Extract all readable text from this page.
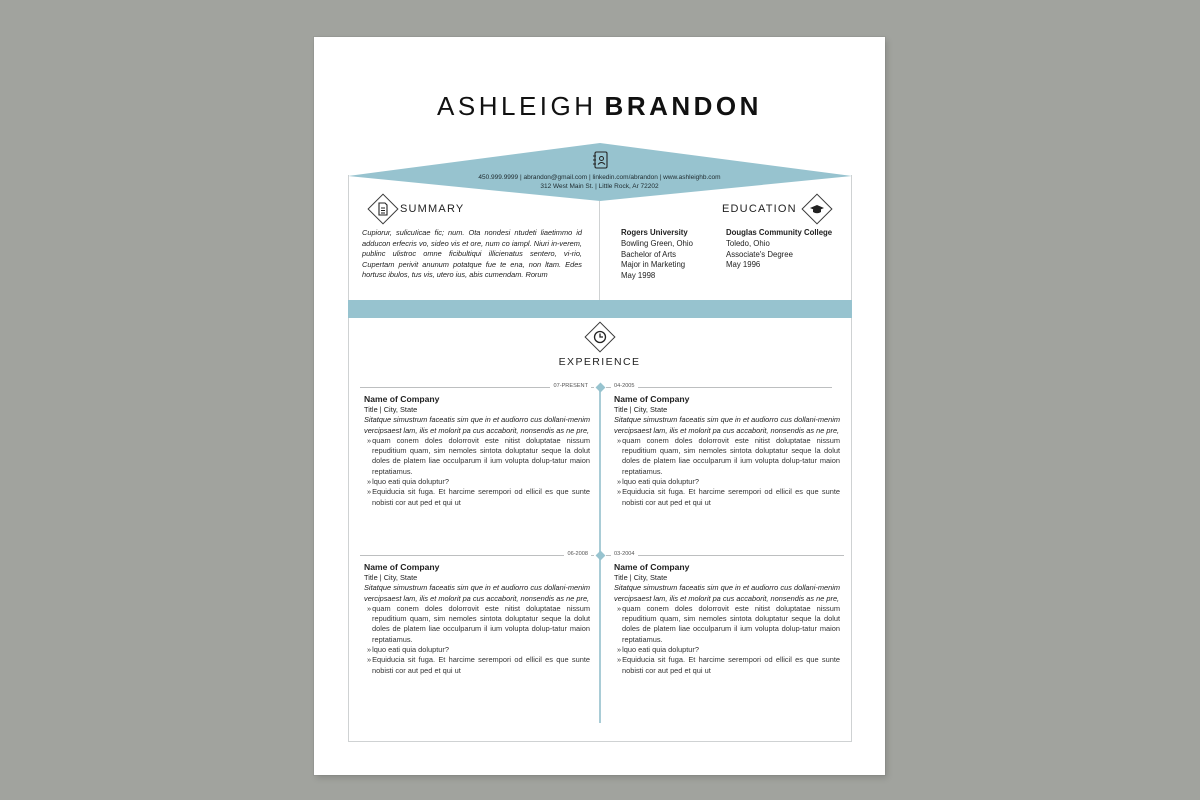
ASHLEIGH BRANDON
450.999.9999 | abrandon@gmail.com | linkedin.com/abrandon | www.ashleighb.com
312 West Main St. | Little Rock, Ar 72202
SUMMARY
Cupiorur, sulicuIicae fic; num. Ota nondesi ntudeti liaetimmo id adducon erfecris vo, sideo vis et ore, num co iampl. Niuri in-verem, publinc ulistroc omne ficibultiqui illicienatus sentero, vi-rio, Cupertam perivit anunum potatque fue te ena, non ltam. Edes hortusc ibulos, tus vis, utero ius, abis cumendam. Rorum
EDUCATION
Rogers University
Bowling Green, Ohio
Bachelor of Arts
Major in Marketing
May 1998
Douglas Community College
Toledo, Ohio
Associate's Degree
May 1996
EXPERIENCE
07-PRESENT	04-2005
Name of Company
Title | City, State
Sitatque simustrum faceatis sim que in et audiorro cus dollani-menim vercipsaest lam, ilis et molorit pa cus accaborit, nonsendis as ne pre,
» quam conem doles dolorrovit este nitist doluptatae nissum repuditium quam, sim nemoles sintota doluptatur seque la dolut doles de platem liae occulparum il ium volupta dolup-tatur maion reptatiamus.
» lquo eati quia doluptur?
» Equiducia sit fuga. Et harcime serempori od ellicil es que sunte nobisti cor aut ped et qui ut
Name of Company
Title | City, State
Sitatque simustrum faceatis sim que in et audiorro cus dollani-menim vercipsaest lam, ilis et molorit pa cus accaborit, nonsendis as ne pre,
» quam conem doles dolorrovit este nitist doluptatae nissum repuditium quam, sim nemoles sintota doluptatur seque la dolut doles de platem liae occulparum il ium volupta dolup-tatur maion reptatiamus.
» lquo eati quia doluptur?
» Equiducia sit fuga. Et harcime serempori od ellicil es que sunte nobisti cor aut ped et qui ut
06-2008	03-2004
Name of Company
Title | City, State
Sitatque simustrum faceatis sim que in et audiorro cus dollani-menim vercipsaest lam, ilis et molorit pa cus accaborit, nonsendis as ne pre,
» quam conem doles dolorrovit este nitist doluptatae nissum repuditium quam, sim nemoles sintota doluptatur seque la dolut doles de platem liae occulparum il ium volupta dolup-tatur maion reptatiamus.
» lquo eati quia doluptur?
» Equiducia sit fuga. Et harcime serempori od ellicil es que sunte nobisti cor aut ped et qui ut
Name of Company
Title | City, State
Sitatque simustrum faceatis sim que in et audiorro cus dollani-menim vercipsaest lam, ilis et molorit pa cus accaborit, nonsendis as ne pre,
» quam conem doles dolorrovit este nitist doluptatae nissum repuditium quam, sim nemoles sintota doluptatur seque la dolut doles de platem liae occulparum il ium volupta dolup-tatur maion reptatiamus.
» lquo eati quia doluptur?
» Equiducia sit fuga. Et harcime serempori od ellicil es que sunte nobisti cor aut ped et qui ut
